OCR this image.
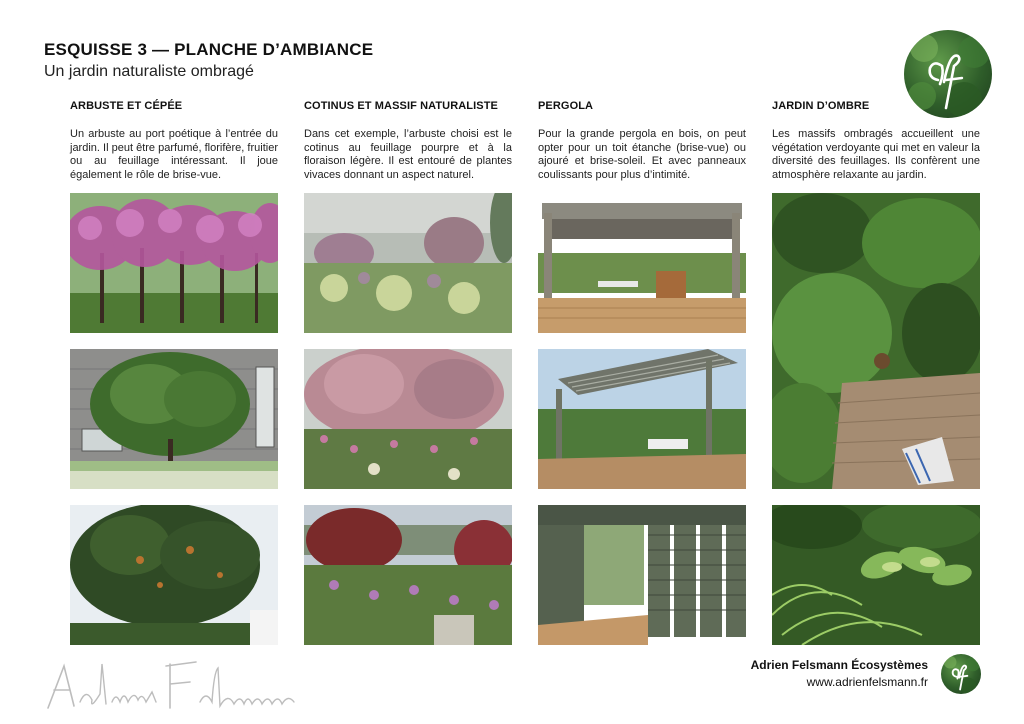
ESQUISSE 3 — PLANCHE D’AMBIANCE
Un jardin naturaliste ombragé
ARBUSTE ET CÉPÉE

Un arbuste au port poétique à l’entrée du jardin. Il peut être parfumé, florifère, fruitier ou au feuillage intéressant. Il joue également le rôle de brise-vue.

COTINUS ET MASSIF NATURALISTE

Dans cet exemple, l’arbuste choisi est le cotinus au feuillage pourpre et à la floraison légère. Il est entouré de plantes vivaces donnant un aspect naturel.

PERGOLA

Pour la grande pergola en bois, on peut opter pour un toit étanche (brise-vue) ou ajouré et brise-soleil. Et avec panneaux coulissants pour plus d’intimité.

JARDIN D’OMBRE

Les massifs ombragés accueillent une végétation verdoyante qui met en valeur la diversité des feuillages. Ils confèrent une atmosphère relaxante au jardin.

Adrien Felsmann Écosystèmes
www.adrienfelsmann.fr
